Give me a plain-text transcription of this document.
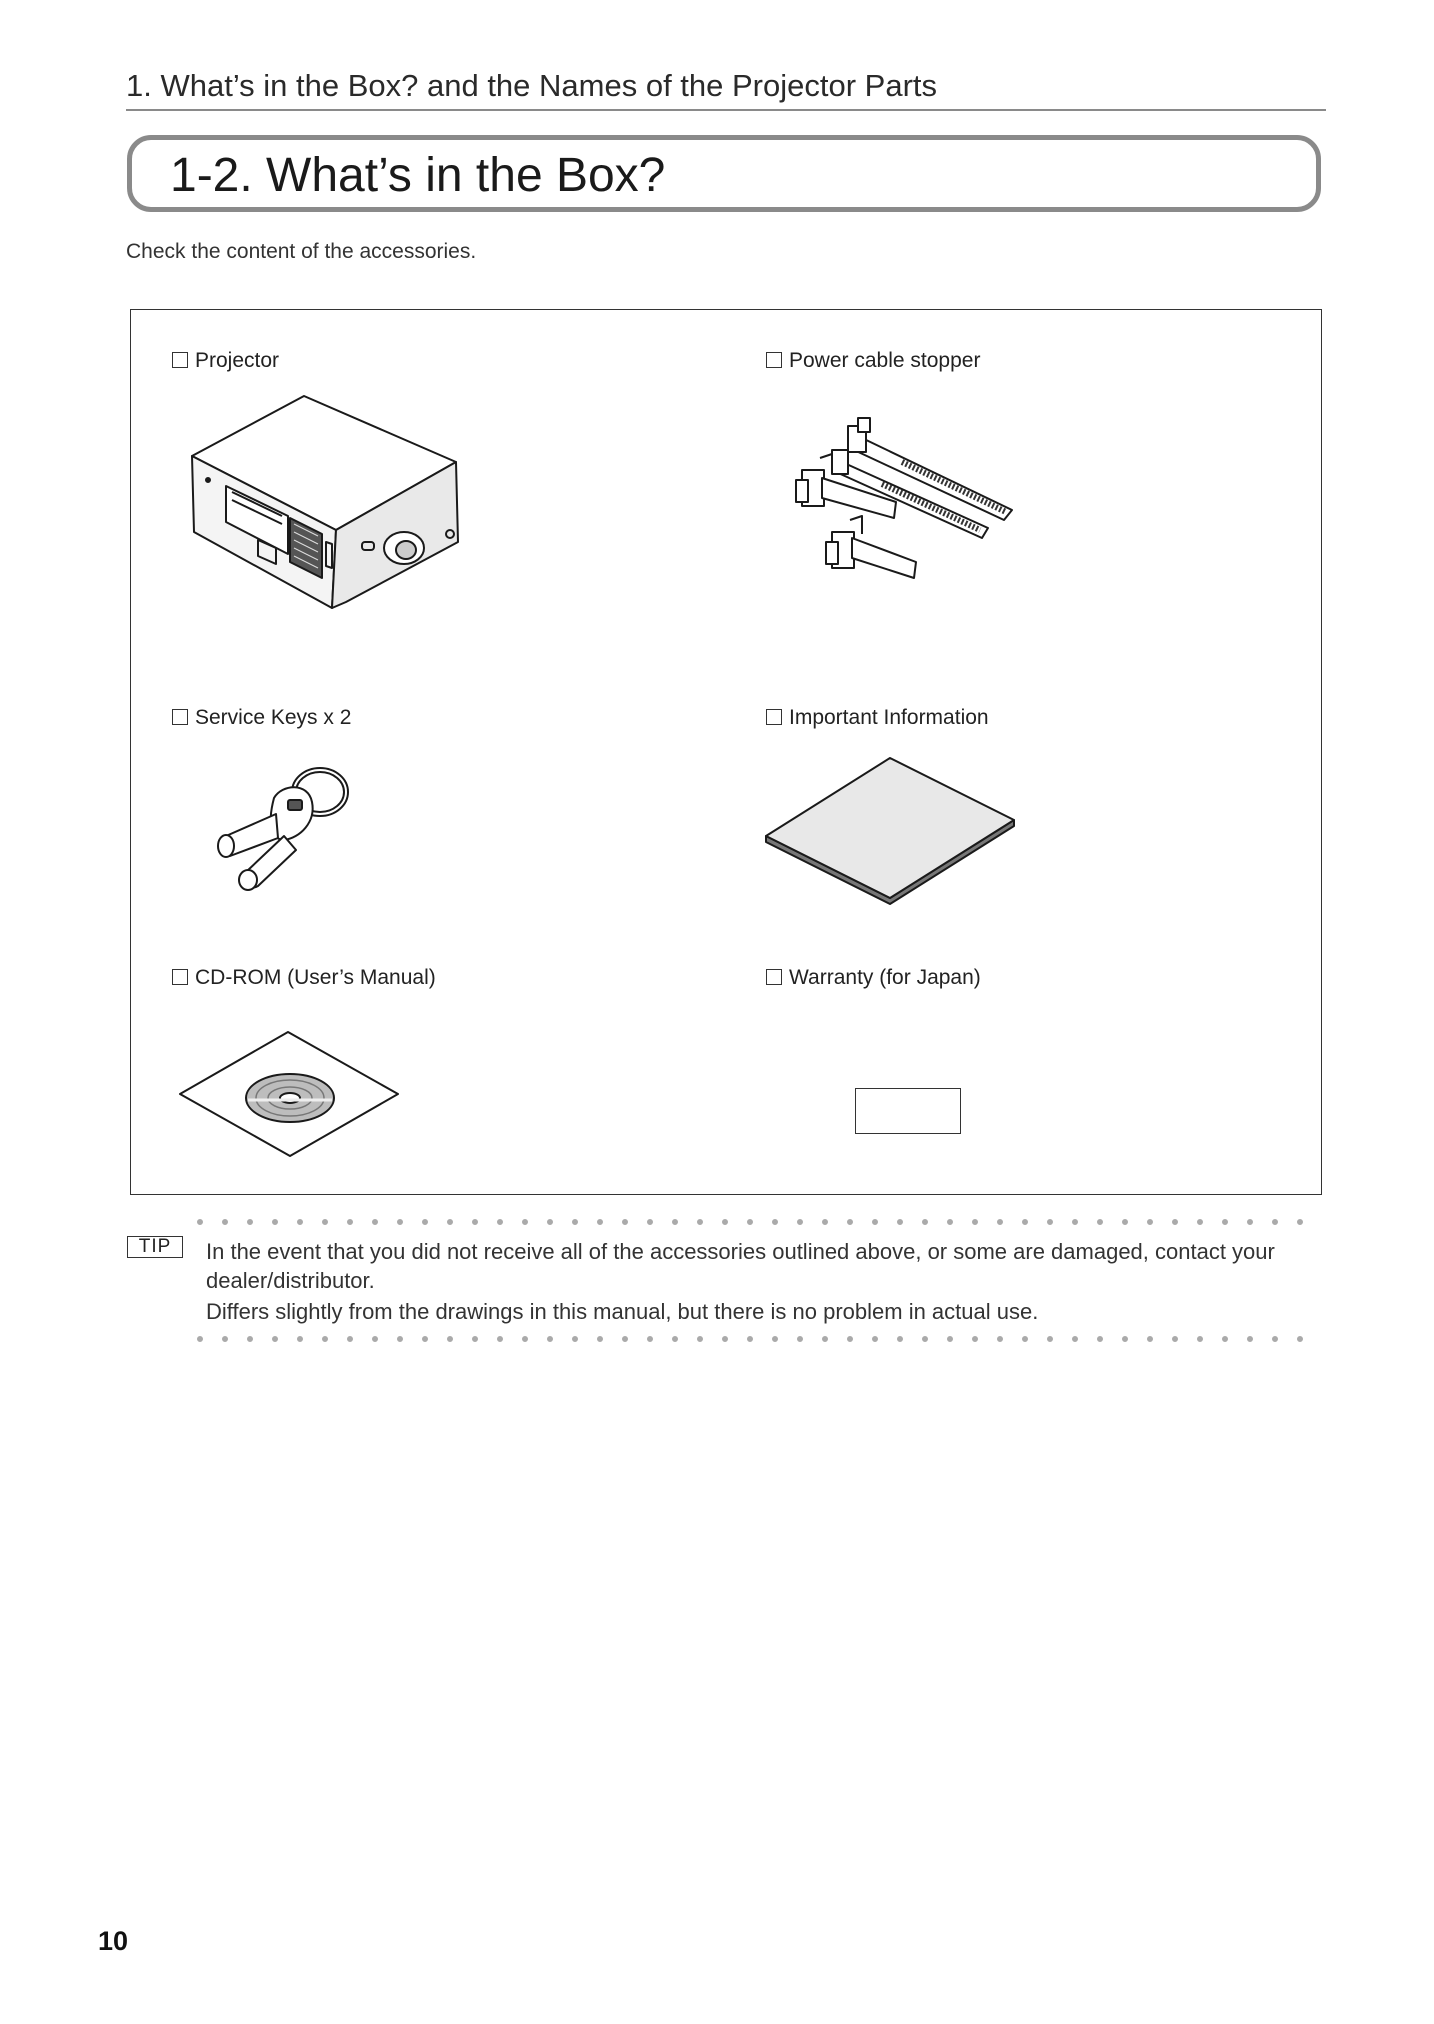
1. What’s in the Box? and the Names of the Projector Parts
1-2. What’s in the Box?
Check the content of the accessories.
Projector	Power cable stopper
Service Keys x 2	Important Information
CD-ROM (User’s Manual)	Warranty (for Japan)
TIP	In the event that you did not receive all of the accessories outlined above, or some are damaged, contact your dealer/distributor.
Differs slightly from the drawings in this manual, but there is no problem in actual use.
10
